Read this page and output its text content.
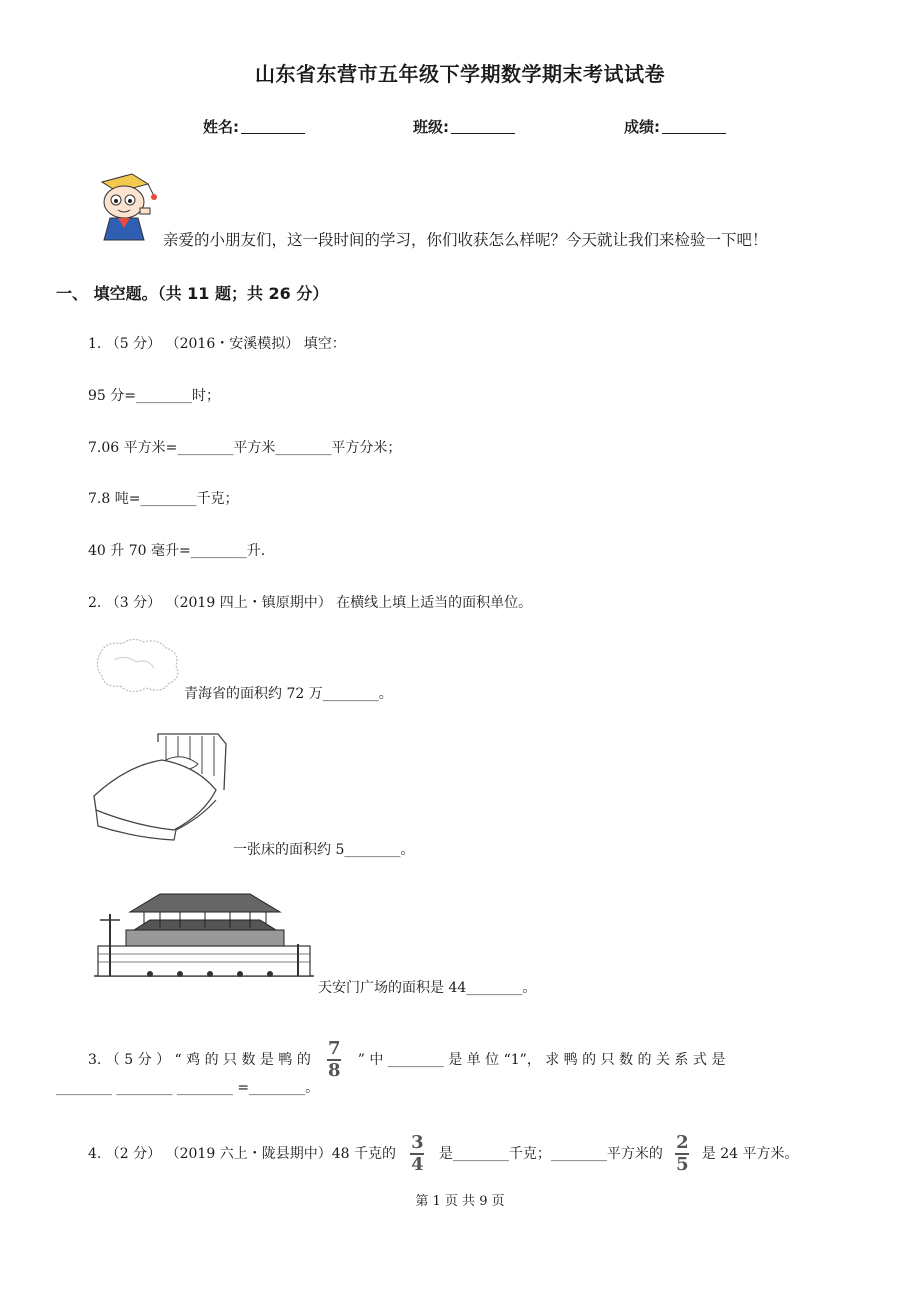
山东省东营市五年级下学期数学期末考试试卷
姓名:	班级:	成绩:
亲爱的小朋友们，这一段时间的学习，你们收获怎么样呢？今天就让我们来检验一下吧！
一、 填空题。（共 11 题；共 26 分）
1. （5 分） （2016・安溪模拟） 填空：
95 分=________时；
7.06 平方米=________平方米________平方分米；
7.8 吨=________千克；
40 升 70 毫升=________升.
2. （3 分） （2019 四上・镇原期中） 在横线上填上适当的面积单位。
青海省的面积约 72 万________。
一张床的面积约 5________。
天安门广场的面积是 44________。
3. （ 5 分 ） “ 鸡 的 只 数 是 鸭 的 $\frac{7}{8}$ ” 中 ________ 是 单 位 “1”， 求 鸭 的 只 数 的 关 系 式 是
________ ________ ________ =________。
4. （2 分） （2019 六上・陇县期中）48 千克的 $\frac{3}{4}$ 是________千克；________平方米的 $\frac{2}{5}$ 是 24 平方米。
第 1 页 共 9 页
